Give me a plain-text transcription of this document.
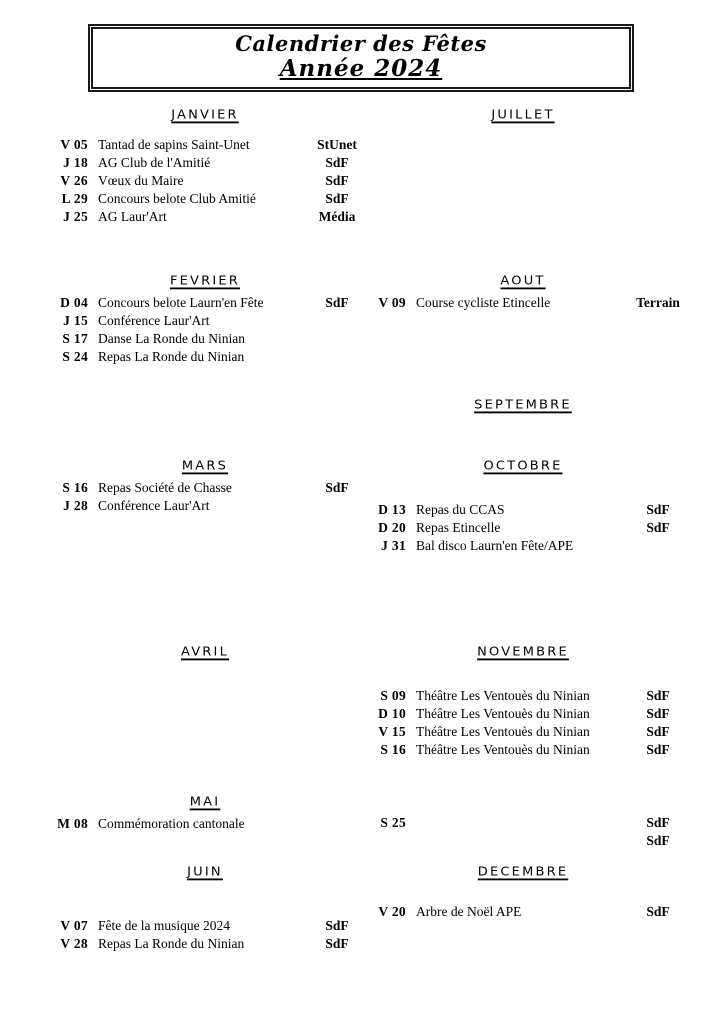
Calendrier des Fêtes
Année 2024
JANVIER
V 05 Tantad de sapins Saint-Unet	StUnet
J 18 AG Club de l'Amitié	SdF
V 26 Vœux du Maire	SdF
L 29 Concours belote Club Amitié	SdF
J 25 AG Laur'Art	Média
FEVRIER
D 04 Concours belote Laurn'en Fête	SdF
J 15 Conférence Laur'Art
S 17 Danse La Ronde du Ninian
S 24 Repas La Ronde du Ninian
MARS
S 16 Repas Société de Chasse	SdF
J 28 Conférence Laur'Art
AVRIL
MAI
M 08 Commémoration cantonale
JUIN
V 07 Fête de la musique 2024	SdF
V 28 Repas La Ronde du Ninian	SdF
JUILLET
AOUT
V 09 Course cycliste Etincelle	Terrain
SEPTEMBRE
OCTOBRE
D 13 Repas du CCAS	SdF
D 20 Repas Etincelle	SdF
J 31 Bal disco Laurn'en Fête/APE
NOVEMBRE
S 09 Théâtre Les Ventouès du Ninian	SdF
D 10 Théâtre Les Ventouès du Ninian	SdF
V 15 Théâtre Les Ventouès du Ninian	SdF
S 16 Théâtre Les Ventouès du Ninian	SdF
S 25	SdF
SdF
DECEMBRE
V 20 Arbre de Noël APE	SdF
